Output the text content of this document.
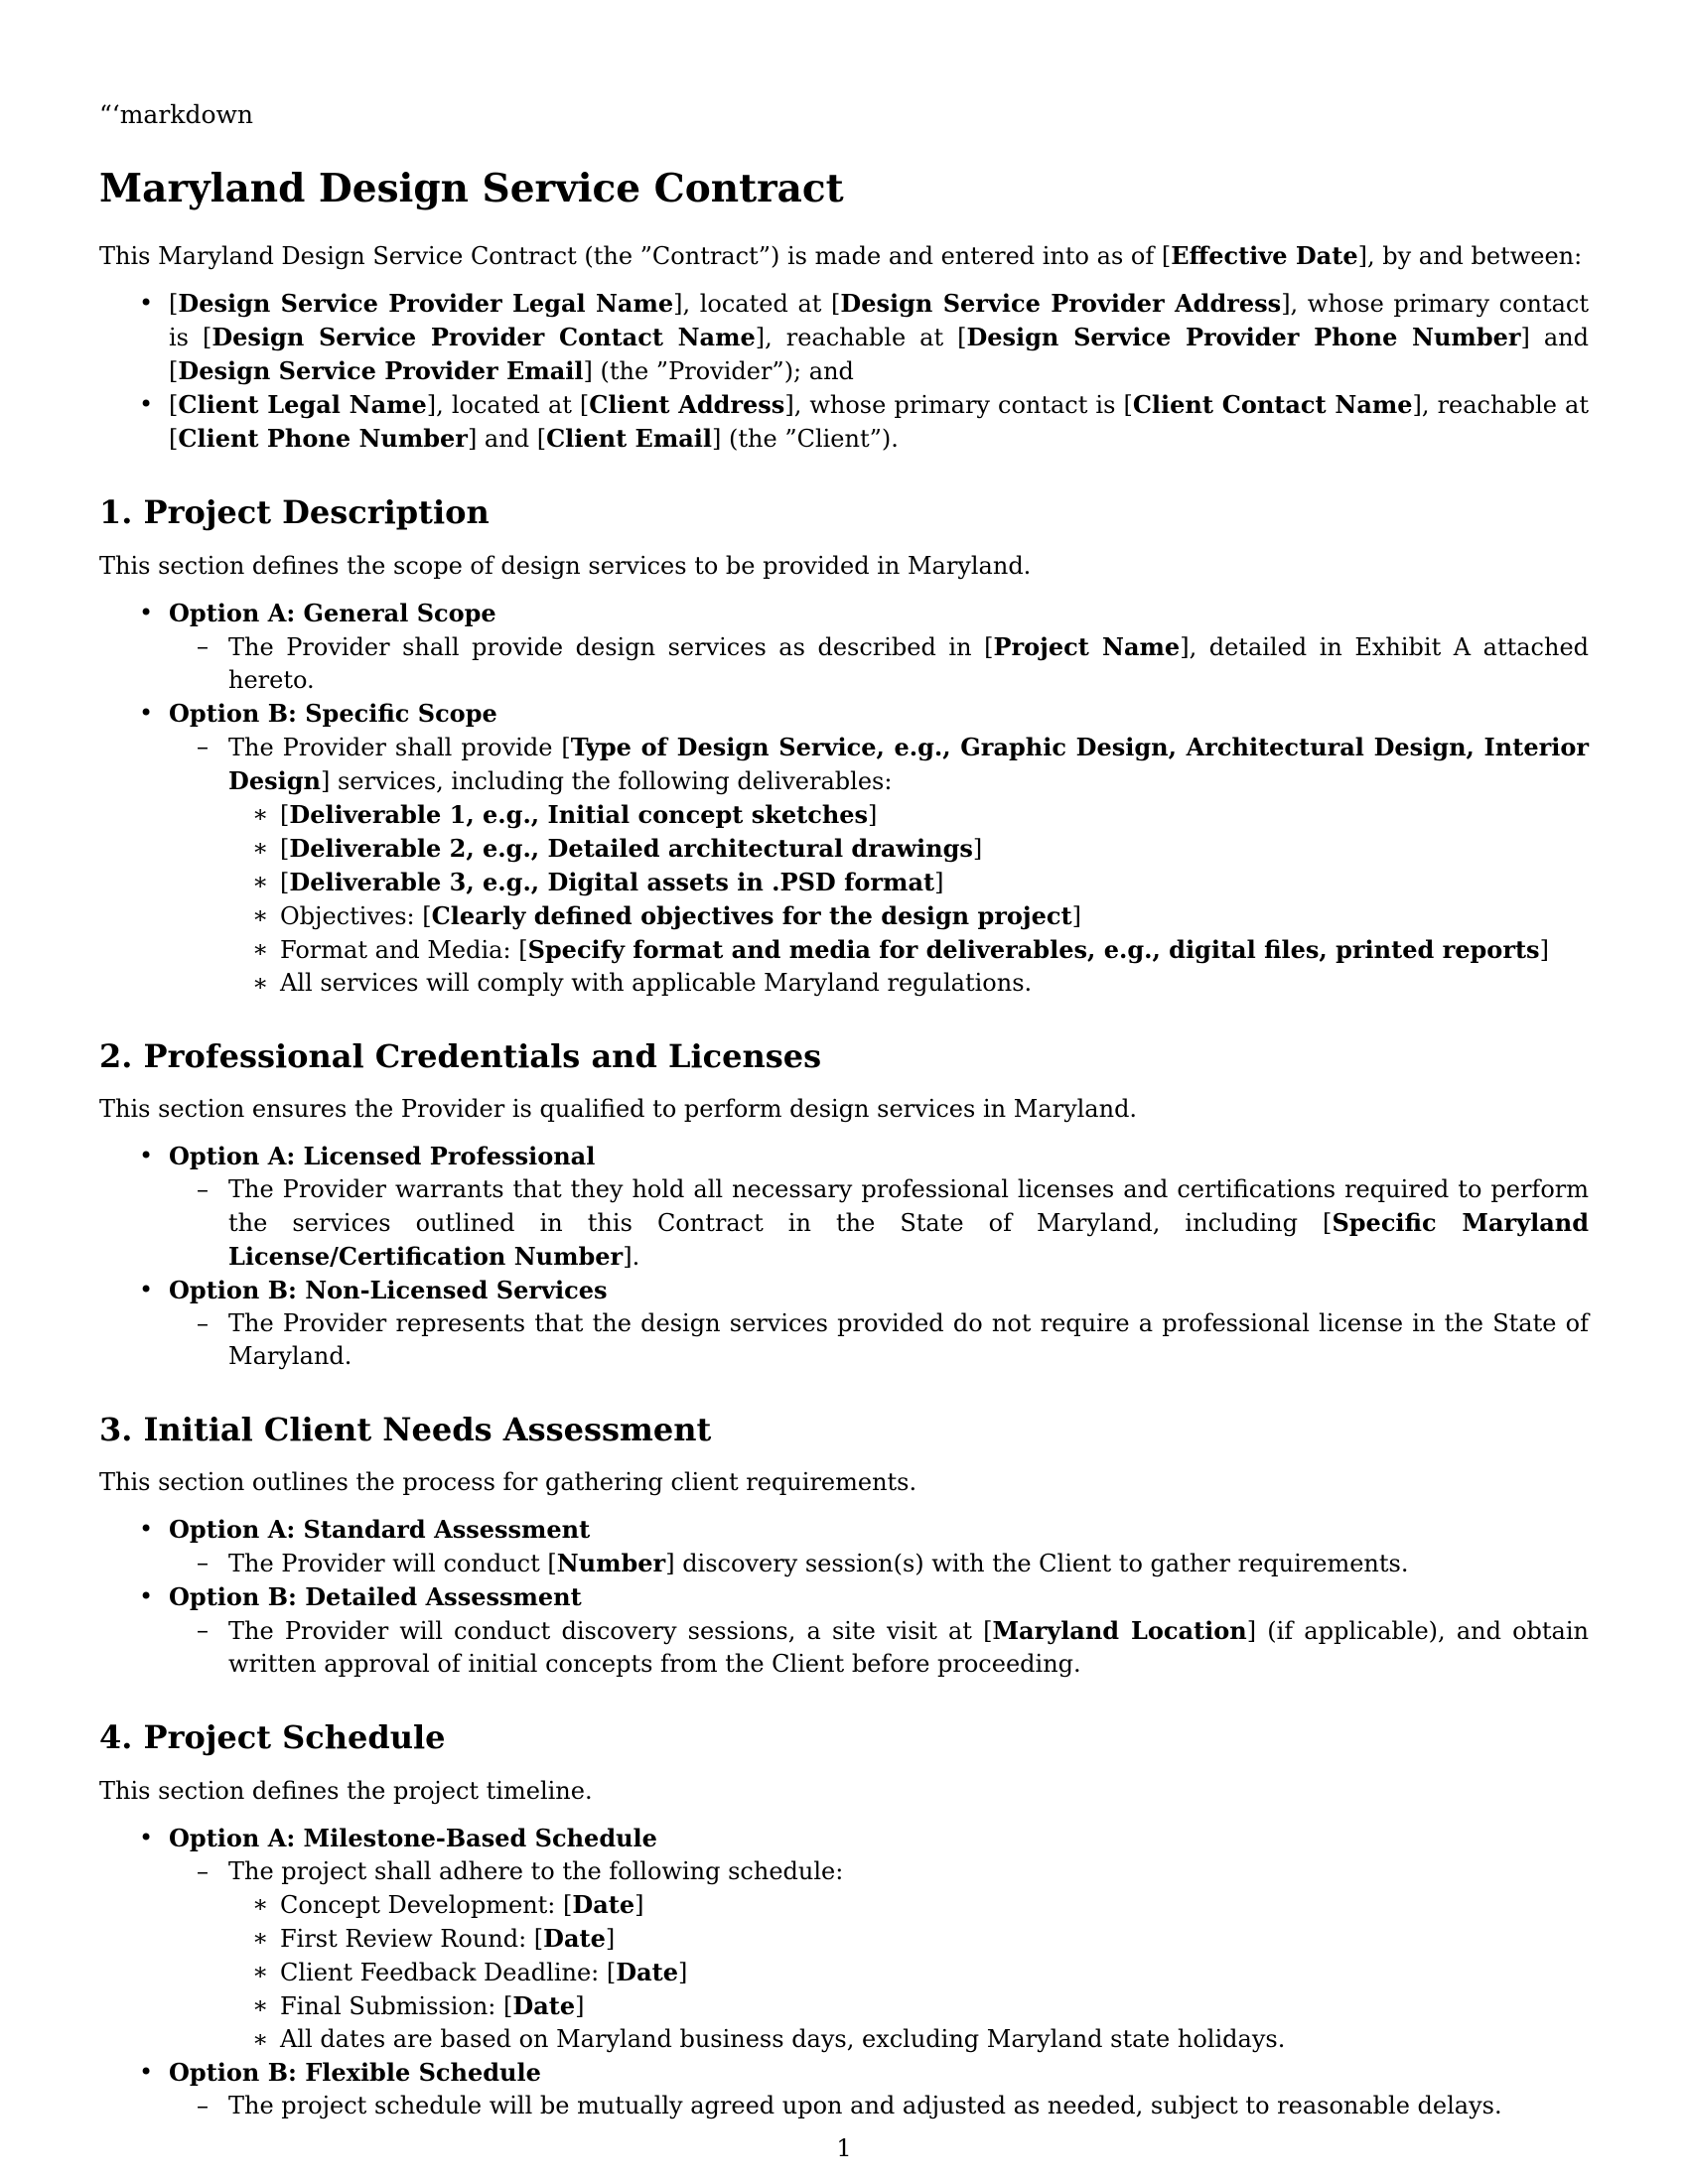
“‘markdown
Maryland Design Service Contract

This Maryland Design Service Contract (the ”Contract”) is made and entered into as of [Effective Date], by and between:

• [Design Service Provider Legal Name], located at [Design Service Provider Address], whose primary contact is [Design Service Provider Contact Name], reachable at [Design Service Provider Phone Number] and [Design Service Provider Email] (the ”Provider”); and
• [Client Legal Name], located at [Client Address], whose primary contact is [Client Contact Name], reachable at [Client Phone Number] and [Client Email] (the ”Client”).
1. Project Description

This section defines the scope of design services to be provided in Maryland.

• Option A: General Scope
– The Provider shall provide design services as described in [Project Name], detailed in Exhibit A attached hereto.
• Option B: Specific Scope
– The Provider shall provide [Type of Design Service, e.g., Graphic Design, Architectural Design, Interior Design] services, including the following deliverables:
∗ [Deliverable 1, e.g., Initial concept sketches]
∗ [Deliverable 2, e.g., Detailed architectural drawings]
∗ [Deliverable 3, e.g., Digital assets in .PSD format]
∗ Objectives: [Clearly defined objectives for the design project]
∗ Format and Media: [Specify format and media for deliverables, e.g., digital files, printed reports]
∗ All services will comply with applicable Maryland regulations.
2. Professional Credentials and Licenses

This section ensures the Provider is qualified to perform design services in Maryland.

• Option A: Licensed Professional
– The Provider warrants that they hold all necessary professional licenses and certifications required to perform the services outlined in this Contract in the State of Maryland, including [Specific Maryland License/Certification Number].
• Option B: Non-Licensed Services
– The Provider represents that the design services provided do not require a professional license in the State of Maryland.
3. Initial Client Needs Assessment

This section outlines the process for gathering client requirements.

• Option A: Standard Assessment
– The Provider will conduct [Number] discovery session(s) with the Client to gather requirements.
• Option B: Detailed Assessment
– The Provider will conduct discovery sessions, a site visit at [Maryland Location] (if applicable), and obtain written approval of initial concepts from the Client before proceeding.
4. Project Schedule

This section defines the project timeline.

• Option A: Milestone-Based Schedule
– The project shall adhere to the following schedule:
∗ Concept Development: [Date]
∗ First Review Round: [Date]
∗ Client Feedback Deadline: [Date]
∗ Final Submission: [Date]
∗ All dates are based on Maryland business days, excluding Maryland state holidays.
• Option B: Flexible Schedule
– The project schedule will be mutually agreed upon and adjusted as needed, subject to reasonable delays.
1
